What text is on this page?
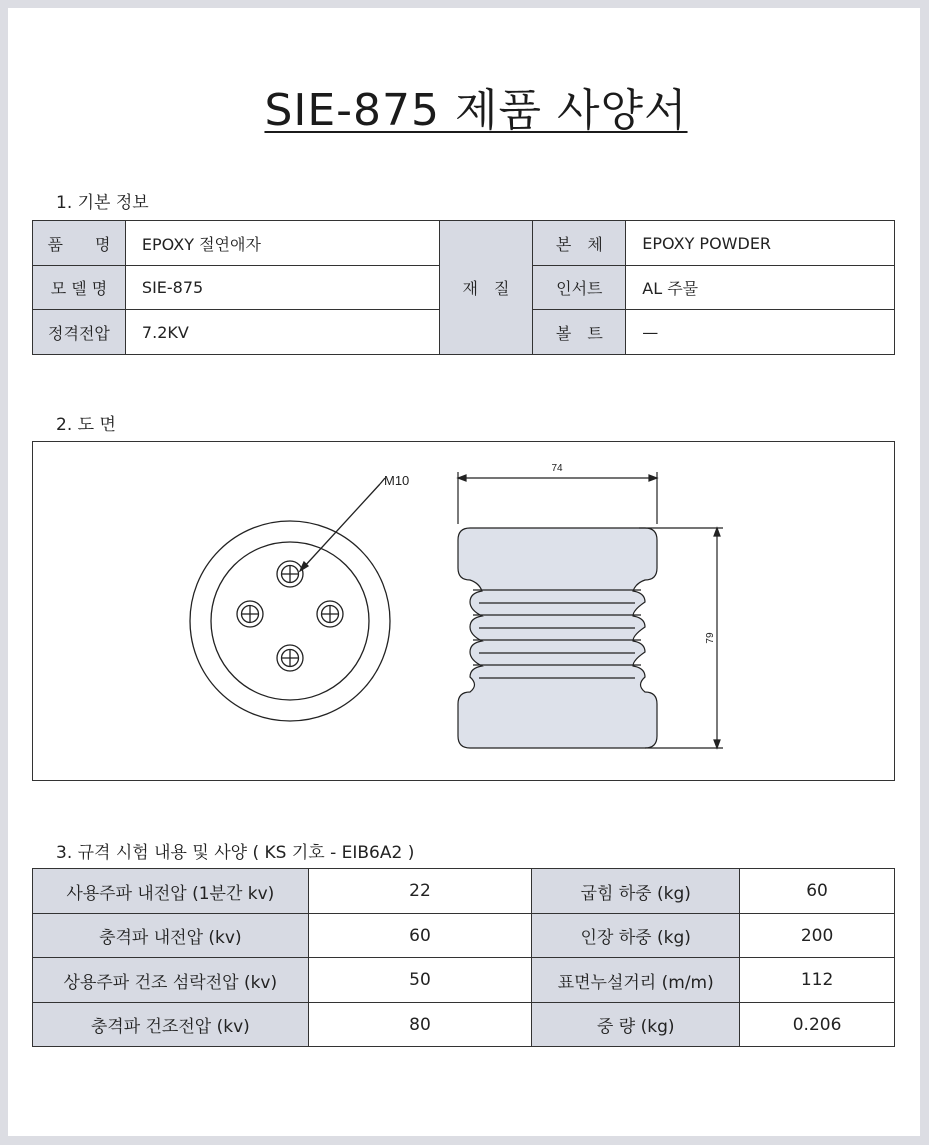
SIE-875 제품 사양서
1. 기본 정보
품　　명	EPOXY 절연애자	재　질	본　체	EPOXY POWDER
모 델 명	SIE-875		인서트	AL 주물
정격전압	7.2KV		볼　트	—
2. 도 면
M10
74
79
3. 규격 시험 내용 및 사양 ( KS 기호 - EIB6A2 )
사용주파 내전압 (1분간 kv)	22	굽힘 하중 (kg)	60
충격파 내전압 (kv)	60	인장 하중 (kg)	200
상용주파 건조 섬락전압 (kv)	50	표면누설거리 (m/m)	112
충격파 건조전압 (kv)	80	중 량 (kg)	0.206
